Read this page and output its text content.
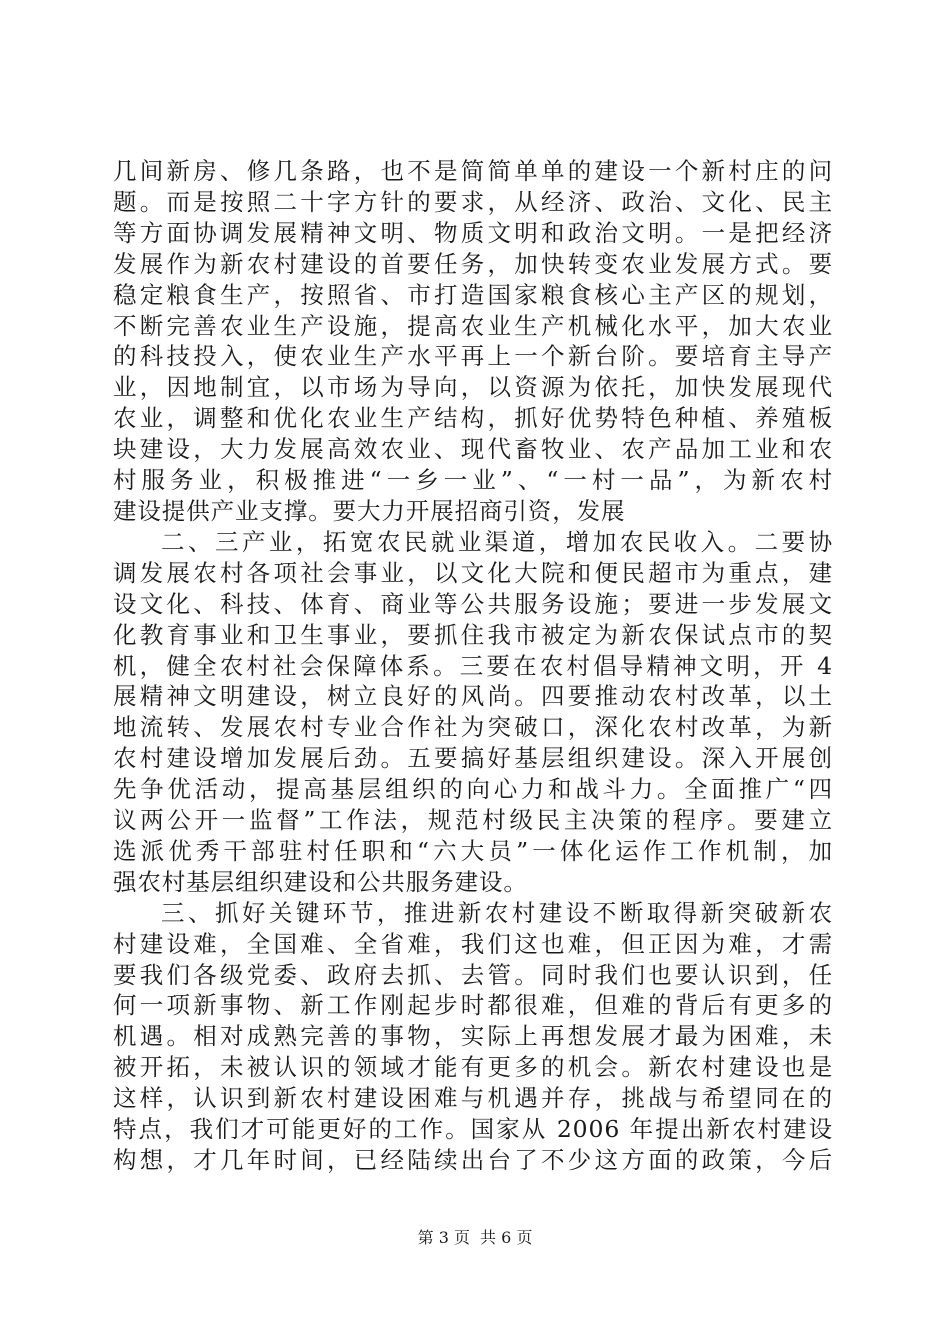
几间新房、修几条路，也不是简简单单的建设一个新村庄的问
题。而是按照二十字方针的要求，从经济、政治、文化、民主
等方面协调发展精神文明、物质文明和政治文明。一是把经济
发展作为新农村建设的首要任务，加快转变农业发展方式。要
稳定粮食生产，按照省、市打造国家粮食核心主产区的规划，
不断完善农业生产设施，提高农业生产机械化水平，加大农业
的科技投入，使农业生产水平再上一个新台阶。要培育主导产
业，因地制宜，以市场为导向，以资源为依托，加快发展现代
农业，调整和优化农业生产结构，抓好优势特色种植、养殖板
块建设，大力发展高效农业、现代畜牧业、农产品加工业和农
村服务业，积极推进“一乡一业”、“一村一品”，为新农村
建设提供产业支撑。要大力开展招商引资，发展
二、三产业，拓宽农民就业渠道，增加农民收入。二要协
调发展农村各项社会事业，以文化大院和便民超市为重点，建
设文化、科技、体育、商业等公共服务设施；要进一步发展文
化教育事业和卫生事业，要抓住我市被定为新农保试点市的契
机，健全农村社会保障体系。三要在农村倡导精神文明，开 4
展精神文明建设，树立良好的风尚。四要推动农村改革，以土
地流转、发展农村专业合作社为突破口，深化农村改革，为新
农村建设增加发展后劲。五要搞好基层组织建设。深入开展创
先争优活动，提高基层组织的向心力和战斗力。全面推广“四
议两公开一监督”工作法，规范村级民主决策的程序。要建立
选派优秀干部驻村任职和“六大员”一体化运作工作机制，加
强农村基层组织建设和公共服务建设。
三、抓好关键环节，推进新农村建设不断取得新突破新农
村建设难，全国难、全省难，我们这也难，但正因为难，才需
要我们各级党委、政府去抓、去管。同时我们也要认识到，任
何一项新事物、新工作刚起步时都很难，但难的背后有更多的
机遇。相对成熟完善的事物，实际上再想发展才最为困难，未
被开拓，未被认识的领域才能有更多的机会。新农村建设也是
这样，认识到新农村建设困难与机遇并存，挑战与希望同在的
特点，我们才可能更好的工作。国家从 2006 年提出新农村建设
构想，才几年时间，已经陆续出台了不少这方面的政策，今后
第 3 页 共 6 页
